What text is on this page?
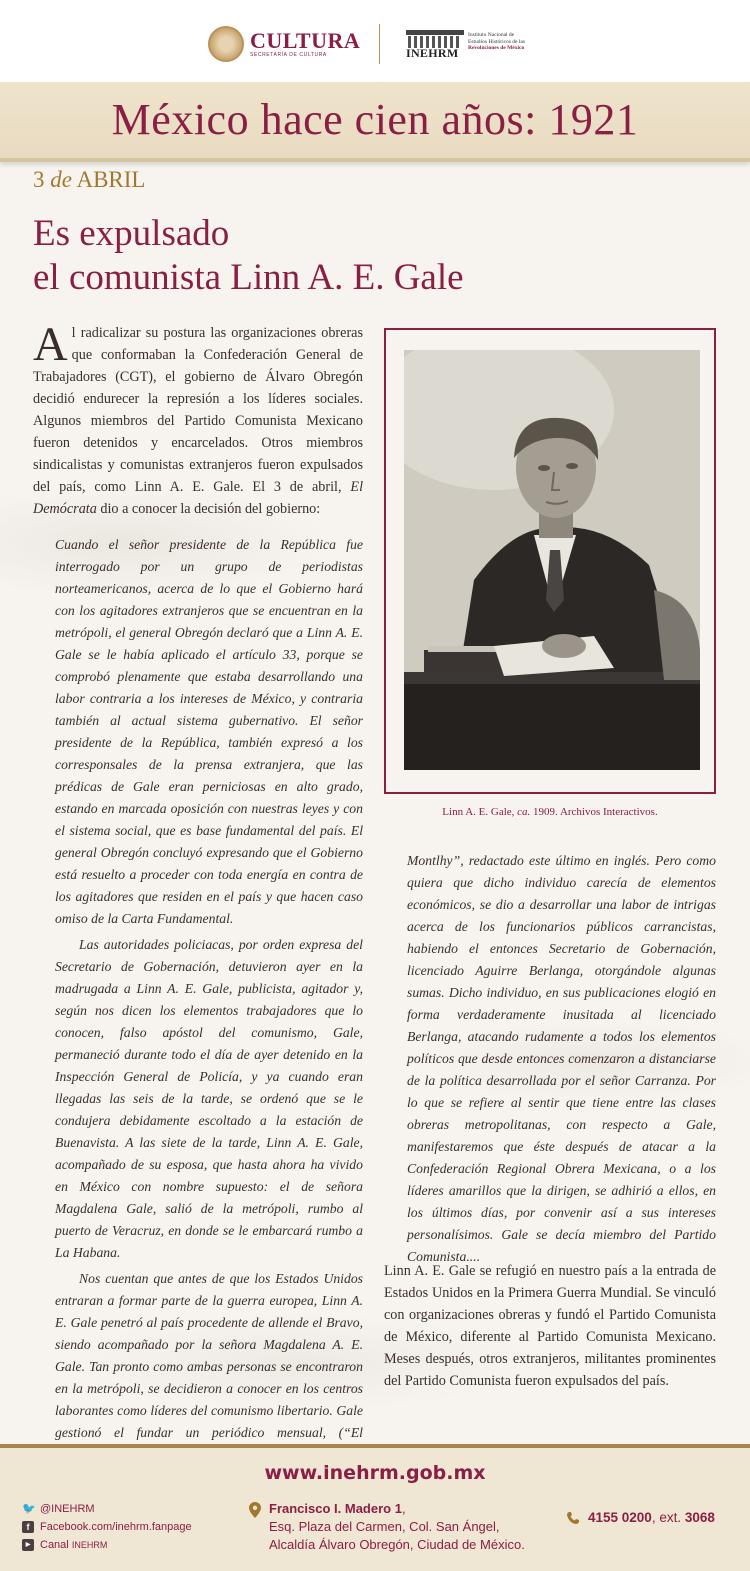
CULTURA
SECRETARÍA DE CULTURA	INEHRM
Instituto Nacional de
Estudios Históricos de las
Revoluciones de México
México hace cien años: 1921
3 de ABRIL
Es expulsado
el comunista Linn A. E. Gale
Al radicalizar su postura las organizaciones obreras que conformaban la Confederación General de Trabajadores (CGT), el gobierno de Álvaro Obregón decidió endurecer la represión a los líderes sociales. Algunos miembros del Partido Comunista Mexicano fueron detenidos y encarcelados. Otros miembros sindicalistas y comunistas extranjeros fueron expulsados del país, como Linn A. E. Gale. El 3 de abril, El Demócrata dio a conocer la decisión del gobierno:

Cuando el señor presidente de la República fue interrogado por un grupo de periodistas norteamericanos, acerca de lo que el Gobierno hará con los agitadores extranjeros que se encuentran en la metrópoli, el general Obregón declaró que a Linn A. E. Gale se le había aplicado el artículo 33, porque se comprobó plenamente que estaba desarrollando una labor contraria a los intereses de México, y contraria también al actual sistema gubernativo. El señor presidente de la República, también expresó a los corresponsales de la prensa extranjera, que las prédicas de Gale eran perniciosas en alto grado, estando en marcada oposición con nuestras leyes y con el sistema social, que es base fundamental del país. El general Obregón concluyó expresando que el Gobierno está resuelto a proceder con toda energía en contra de los agitadores que residen en el país y que hacen caso omiso de la Carta Fundamental.

Las autoridades policiacas, por orden expresa del Secretario de Gobernación, detuvieron ayer en la madrugada a Linn A. E. Gale, publicista, agitador y, según nos dicen los elementos trabajadores que lo conocen, falso apóstol del comunismo, Gale, permaneció durante todo el día de ayer detenido en la Inspección General de Policía, y ya cuando eran llegadas las seis de la tarde, se ordenó que se le condujera debidamente escoltado a la estación de Buenavista. A las siete de la tarde, Linn A. E. Gale, acompañado de su esposa, que hasta ahora ha vivido en México con nombre supuesto: el de señora Magdalena Gale, salió de la metrópoli, rumbo al puerto de Veracruz, en donde se le embarcará rumbo a La Habana.

Nos cuentan que antes de que los Estados Unidos entraran a formar parte de la guerra europea, Linn A. E. Gale penetró al país procedente de allende el Bravo, siendo acompañado por la señora Magdalena A. E. Gale. Tan pronto como ambas personas se encontraron en la metrópoli, se decidieron a conocer en los centros laborantes como líderes del comunismo libertario. Gale gestionó el fundar un periódico mensual, (“El

Linn A. E. Gale, ca. 1909. Archivos Interactivos.
Montlhy”, redactado este último en inglés. Pero como quiera que dicho individuo carecía de elementos económicos, se dio a desarrollar una labor de intrigas acerca de los funcionarios públicos carrancistas, habiendo el entonces Secretario de Gobernación, licenciado Aguirre Berlanga, otorgándole algunas sumas. Dicho individuo, en sus publicaciones elogió en forma verdaderamente inusitada al licenciado Berlanga, atacando rudamente a todos los elementos políticos que desde entonces comenzaron a distanciarse de la política desarrollada por el señor Carranza. Por lo que se refiere al sentir que tiene entre las clases obreras metropolitanas, con respecto a Gale, manifestaremos que éste después de atacar a la Confederación Regional Obrera Mexicana, o a los líderes amarillos que la dirigen, se adhirió a ellos, en los últimos días, por convenir así a sus intereses personalísimos. Gale se decía miembro del Partido Comunista....
Linn A. E. Gale se refugió en nuestro país a la entrada de Estados Unidos en la Primera Guerra Mundial. Se vinculó con organizaciones obreras y fundó el Partido Comunista de México, diferente al Partido Comunista Mexicano. Meses después, otros extranjeros, militantes prominentes del Partido Comunista fueron expulsados del país.
www.inehrm.gob.mx
🐦 @INEHRM
f Facebook.com/inehrm.fanpage
▶ Canal INEHRM
Francisco I. Madero 1,
Esq. Plaza del Carmen, Col. San Ángel,
Alcaldía Álvaro Obregón, Ciudad de México.
4155 0200, ext. 3068
